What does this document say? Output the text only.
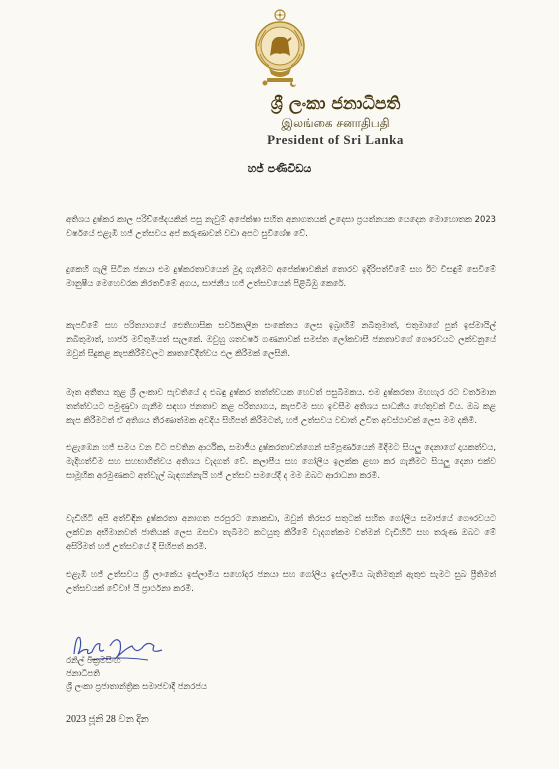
ශ්‍රී ලංකා ජනාධිපති
இலங்கை சனாதிபதி
President of Sri Lanka
හජ් පණිවිඩය

අතිශය දුෂ්කර කාල පරිච්ඡේදයකින් පසු නැවුම් අපේක්ෂා සහිත අනාගතයක් උදෙසා ප්‍රයත්නයක යෙදෙන මොහොතක 2023 වර්ෂයේ එළැඹි හජ් උත්සවය අප් කරුණාවන් වඩා අපට සුවිශේෂ වේ.

දුකෙහි ගැලී සිටින ජනයා එම දුෂ්කරතාවයෙන් මුදා ගැනීමට අපේක්ෂාවකින් තොරව ඉදිරිපත්වීමේ සහ ඊට විසඳුම් සෙවීමේ මානුෂීය මෙහෙවරක නිරතවීමේ අගය, සාජනීය හජ් උත්සවයෙන් පිළිබිඹු කෙරේ.

කැපවීමේ සහ පරිත්‍යාගයේ ඓතිහාසික සර්වකාලීන සංකේතය ලෙස ඉබ්‍රාහිම් නබිතුමාත්, එතුමාගේ පුත් ඉස්මායිල් නබිතුමාත්, හාජර් මව්තුමියත් සැලකේ. ඔවුහු ශතවර්ෂ ගණනාවක් සමස්ත ලෝකවාසී ජනතාවගේ ගෞරවයට ලක්වනුයේ ඔවුන් සිදුකළ කැපකිරීම්වලට කෘතවේදීත්වය ඵල කිරීමක් ලෙසිනි.

මෑත අතීතය තුළ ශ්‍රී ලංකාව පැවතියේ ද එබඳු දුෂ්කර තත්ත්වයක හෙවත් පසුබිමකය. එම දුෂ්කරතා මහහැර රට වර්තමාන තත්ත්වයට පමුණුවා ගැනීම සඳහා ජනතාව කළ පරිත්‍යාගය, කැපවීම සහ ඉවසීම අතිශය සාධනීය හේතුවක් විය. ඔබ කළ කැප කිරීමටත් ඒ අතිශය තීරණාත්මක අවදිය සිහිපත් කිරීමටත්, හජ් උත්සවය වඩාත් උචිත අවස්ථාවක් ලෙස මම දකිමි.

එළැඹෙන හජ් සමය වන විට පවතින ආර්ථික, සමාජීය දුෂ්කරතාවන්ගෙන් සම්පූර්ණයෙන් මිදීමට සියලු දෙනාගේ දායකත්වය, මැදිහත්වීම සහ සහභාගීත්වය අතිශය වැදගත් වේ. කලාපීය සහ ගෝලීය ඉලක්ක ළඟා කර ගැනීමට සියලු දෙනා එක්ව සාමූහික අරමුණකට අත්වැල් බැඳගන්නැයි හජ් උත්සව සමයේදී ද මම ඔබට ආරාධනා කරමි.

වැඩිහිටි අපි අත්විඳින දුෂ්කරතා අනාගත පරපුරට නොකඩා, ඔවුන් තිරසර සතුටක් සහිත ගෝලීය සමාජයේ ගෞරවයට ලක්වන අභිමානවත් ජාතියක් ලෙස ඔසවා තැබීමට කටයුතු කිරීමේ වැදගත්කම වත්මන් වැඩිහිටි සහ තරුණ ඔබට මේ අසිරිමත් හජ් උත්සවයේ දී සිහිපත් කරමි.

එළැඹි හජ් උත්සවය ශ්‍රී ලාංකේය ඉස්ලාමීය සහෝදර ජනයා සහ ගෝලීය ඉස්ලාමීය බැතිමතුන් ඇතුළු සැමට සුබ ප්‍රීතිමත් උත්සවයක් වේවා! යි ප්‍රාර්ථනා කරමි.

රනිල් වික්‍රමසිංහ
ජනාධිපති
ශ්‍රී ලංකා ප්‍රජාතාන්ත්‍රික සමාජවාදී ජනරජය
2023 ජූනි 28 වන දින
